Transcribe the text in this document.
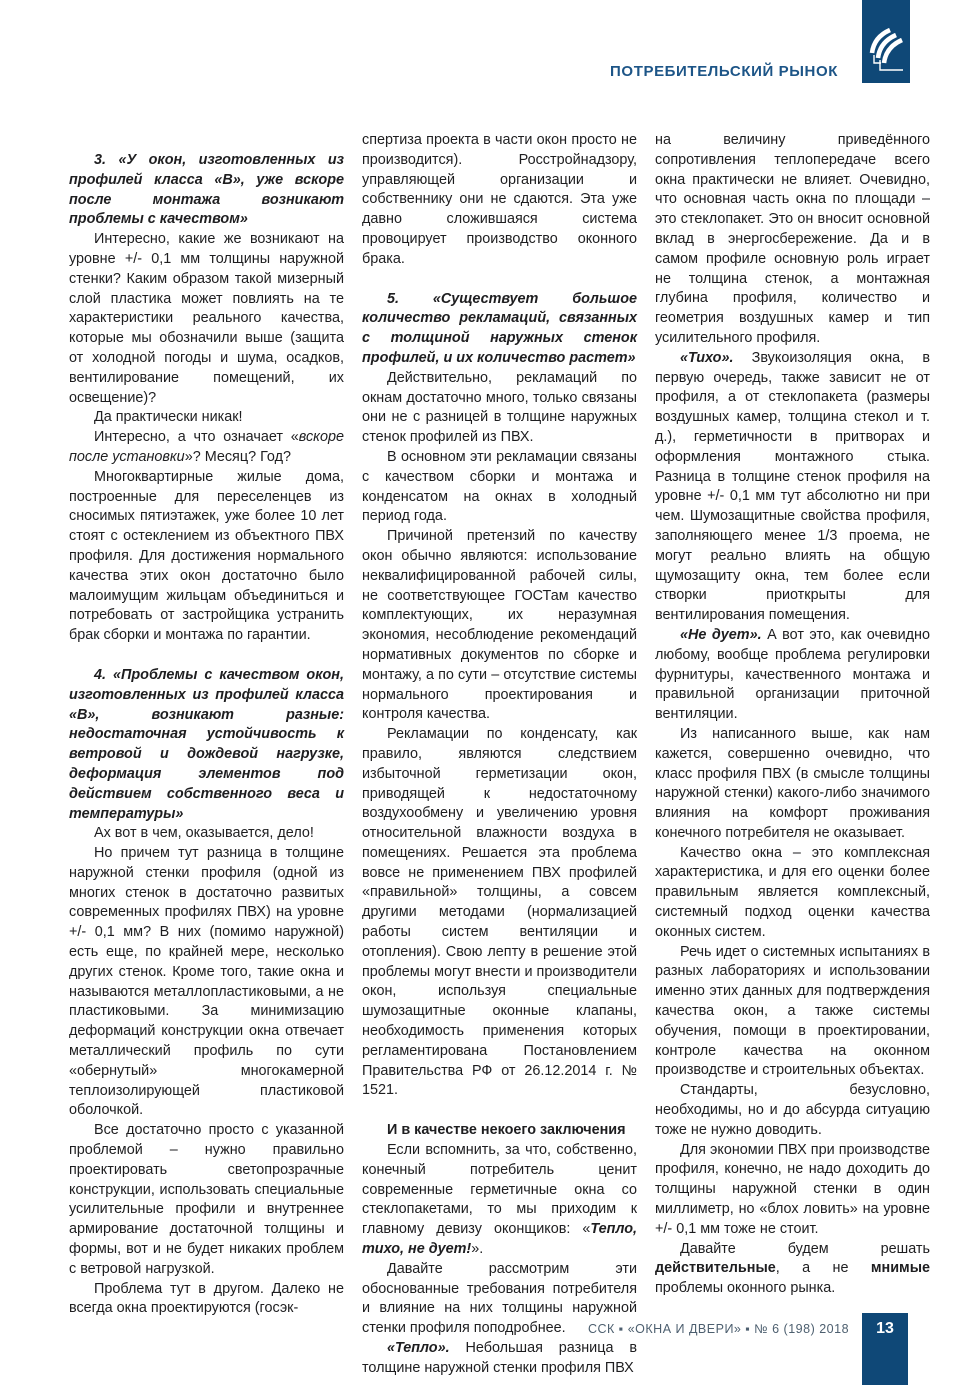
ПОТРЕБИТЕЛЬСКИЙ РЫНОК

3. «У окон, изготовленных из профилей класса «В», уже вскоре после монтажа возникают проблемы с качеством»

Интересно, какие же возникают на уровне +/- 0,1 мм толщины наружной стенки? Каким образом такой мизерный слой пластика может повлиять на те характеристики реального качества, которые мы обозначили выше (защита от холодной погоды и шума, осадков, вентилирование помещений, их освещение)?

Да практически никак!

Интересно, а что означает «вскоре после установки»? Месяц? Год?

Многоквартирные жилые дома, построенные для переселенцев из сносимых пятиэтажек, уже более 10 лет стоят с остеклением из объектного ПВХ профиля. Для достижения нормального качества этих окон достаточно было малоимущим жильцам объединиться и потребовать от застройщика устранить брак сборки и монтажа по гарантии.

4. «Проблемы с качеством окон, изготовленных из профилей класса «В», возникают разные: недостаточная устойчивость к ветровой и дождевой нагрузке, деформация элементов под действием собственного веса и температуры»

Ах вот в чем, оказывается, дело!

Но причем тут разница в толщине наружной стенки профиля (одной из многих стенок в достаточно развитых современных профилях ПВХ) на уровне +/- 0,1 мм? В них (помимо наружной) есть еще, по крайней мере, несколько других стенок. Кроме того, такие окна и называются металлопластиковыми, а не пластиковыми. За минимизацию деформаций конструкции окна отвечает металлический профиль по сути «обернутый» многокамерной теплоизолирующей пластиковой оболочкой.

Все достаточно просто с указанной проблемой – нужно правильно проектировать светопрозрачные конструкции, использовать специальные усилительные профили и внутреннее армирование достаточной толщины и формы, вот и не будет никаких проблем с ветровой нагрузкой.

Проблема тут в другом. Далеко не всегда окна проектируются (госэк-

спертиза проекта в части окон просто не производится). Росстройнадзору, управляющей организации и собственнику они не сдаются. Эта уже давно сложившаяся система провоцирует производство оконного брака.

5. «Существует большое количество рекламаций, связанных с толщиной наружных стенок профилей, и их количество растет»

Действительно, рекламаций по окнам достаточно много, только связаны они не с разницей в толщине наружных стенок профилей из ПВХ.

В основном эти рекламации связаны с качеством сборки и монтажа и конденсатом на окнах в холодный период года.

Причиной претензий по качеству окон обычно являются: использование неквалифицированной рабочей силы, не соответствующее ГОСТам качество комплектующих, их неразумная экономия, несоблюдение рекомендаций нормативных документов по сборке и монтажу, а по сути – отсутствие системы нормального проектирования и контроля качества.

Рекламации по конденсату, как правило, являются следствием избыточной герметизации окон, приводящей к недостаточному воздухообмену и увеличению уровня относительной влажности воздуха в помещениях. Решается эта проблема вовсе не применением ПВХ профилей «правильной» толщины, а совсем другими методами (нормализацией работы систем вентиляции и отопления). Свою лепту в решение этой проблемы могут внести и производители окон, используя специальные шумозащитные оконные клапаны, необходимость применения которых регламентирована Постановлением Правительства РФ от 26.12.2014 г. № 1521.

И в качестве некоего заключения

Если вспомнить, за что, собственно, конечный потребитель ценит современные герметичные окна со стеклопакетами, то мы приходим к главному девизу оконщиков: «Тепло, тихо, не дует!».

Давайте рассмотрим эти обоснованные требования потребителя и влияние на них толщины наружной стенки профиля поподробнее.

«Тепло». Небольшая разница в толщине наружной стенки профиля ПВХ

на величину приведённого сопротивления теплопередаче всего окна практически не влияет. Очевидно, что основная часть окна по площади – это стеклопакет. Это он вносит основной вклад в энергосбережение. Да и в самом профиле основную роль играет не толщина стенок, а монтажная глубина профиля, количество и геометрия воздушных камер и тип усилительного профиля.

«Тихо». Звукоизоляция окна, в первую очередь, также зависит не от профиля, а от стеклопакета (размеры воздушных камер, толщина стекол и т. д.), герметичности в притворах и оформления монтажного стыка. Разница в толщине стенок профиля на уровне +/- 0,1 мм тут абсолютно ни при чем. Шумозащитные свойства профиля, заполняющего менее 1/3 проема, не могут реально влиять на общую щумозащиту окна, тем более если створки приоткрыты для вентилирования помещения.

«Не дует». А вот это, как очевидно любому, вообще проблема регулировки фурнитуры, качественного монтажа и правильной организации приточной вентиляции.

Из написанного выше, как нам кажется, совершенно очевидно, что класс профиля ПВХ (в смысле толщины наружной стенки) какого-либо значимого влияния на комфорт проживания конечного потребителя не оказывает.

Качество окна – это комплексная характеристика, и для его оценки более правильным является комплексный, системный подход оценки качества оконных систем.

Речь идет о системных испытаниях в разных лабораториях и использовании именно этих данных для подтверждения качества окон, а также системы обучения, помощи в проектировании, контроле качества на оконном производстве и строительных объектах.

Стандарты, безусловно, необходимы, но и до абсурда ситуацию тоже не нужно доводить.

Для экономии ПВХ при производстве профиля, конечно, не надо доходить до толщины наружной стенки в один миллиметр, но «блох ловить» на уровне +/- 0,1 мм тоже не стоит.

Давайте будем решать действительные, а не мнимые проблемы оконного рынка.

ССК ▪ «ОКНА И ДВЕРИ» ▪ № 6 (198) 2018	13
